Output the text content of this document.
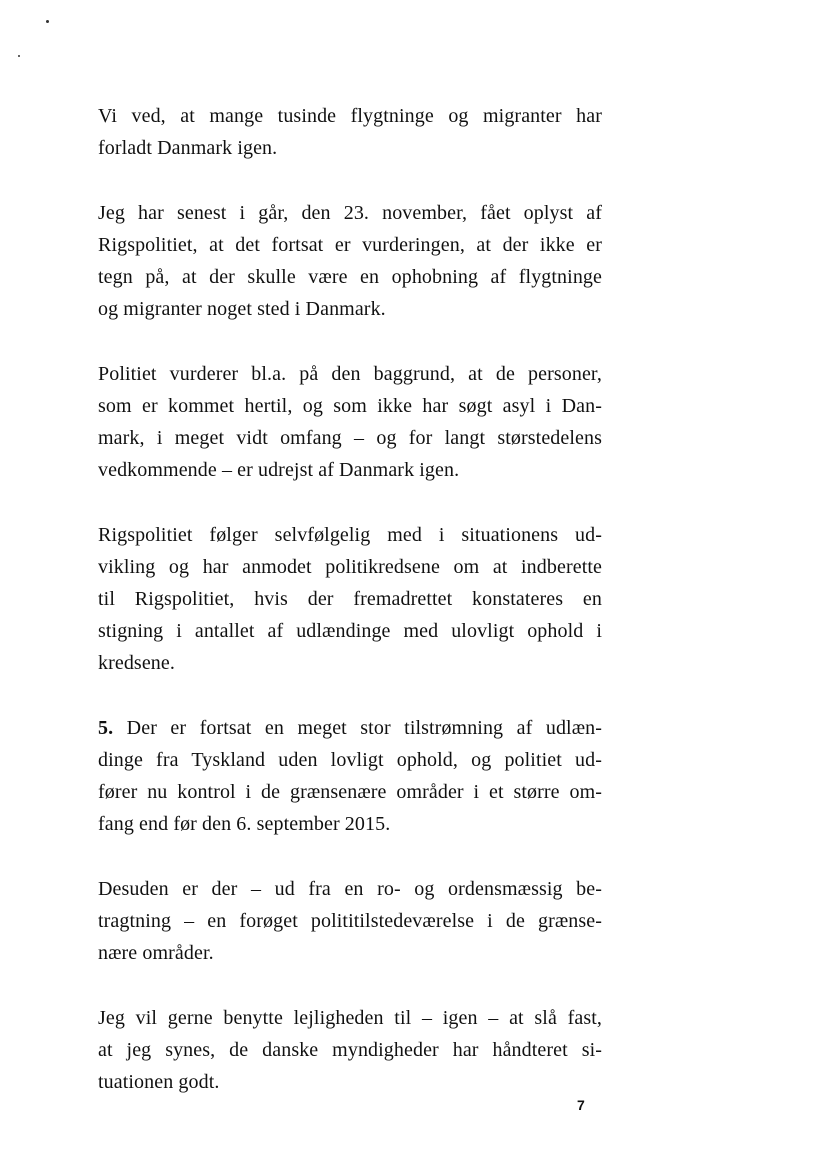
Vi ved, at mange tusinde flygtninge og migranter har
forladt Danmark igen.

Jeg har senest i går, den 23. november, fået oplyst af
Rigspolitiet, at det fortsat er vurderingen, at der ikke er
tegn på, at der skulle være en ophobning af flygtninge
og migranter noget sted i Danmark.

Politiet vurderer bl.a. på den baggrund, at de personer,
som er kommet hertil, og som ikke har søgt asyl i Dan-
mark, i meget vidt omfang – og for langt størstedelens
vedkommende – er udrejst af Danmark igen.

Rigspolitiet følger selvfølgelig med i situationens ud-
vikling og har anmodet politikredsene om at indberette
til Rigspolitiet, hvis der fremadrettet konstateres en
stigning i antallet af udlændinge med ulovligt ophold i
kredsene.

5. Der er fortsat en meget stor tilstrømning af udlæn-
dinge fra Tyskland uden lovligt ophold, og politiet ud-
fører nu kontrol i de grænsenære områder i et større om-
fang end før den 6. september 2015.

Desuden er der – ud fra en ro- og ordensmæssig be-
tragtning – en forøget polititilstedeværelse i de grænse-
nære områder.

Jeg vil gerne benytte lejligheden til – igen – at slå fast,
at jeg synes, de danske myndigheder har håndteret si-
tuationen godt.

7
